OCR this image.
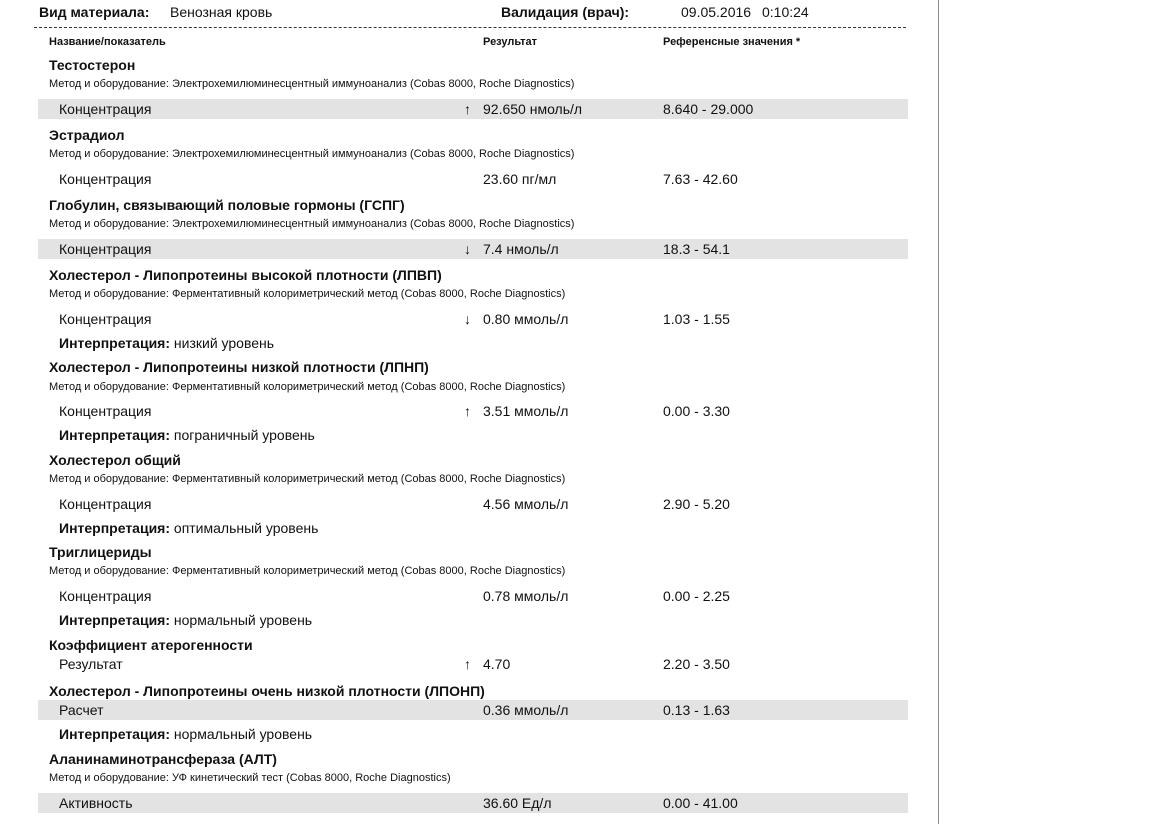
Вид материала: Венозная кровь	Валидация (врач):	09.05.2016 0:10:24
Название/показатель	Результат	Референсные значения *
Тестостерон
Метод и оборудование: Электрохемилюминесцентный иммуноанализ (Cobas 8000, Roche Diagnostics)
Концентрация	↑ 92.650 нмоль/л	8.640 - 29.000
Эстрадиол
Метод и оборудование: Электрохемилюминесцентный иммуноанализ (Cobas 8000, Roche Diagnostics)
Концентрация	23.60 пг/мл	7.63 - 42.60
Глобулин, связывающий половые гормоны (ГСПГ)
Метод и оборудование: Электрохемилюминесцентный иммуноанализ (Cobas 8000, Roche Diagnostics)
Концентрация	↓ 7.4 нмоль/л	18.3 - 54.1
Холестерол - Липопротеины высокой плотности (ЛПВП)
Метод и оборудование: Ферментативный колориметрический метод (Cobas 8000, Roche Diagnostics)
Концентрация	↓ 0.80 ммоль/л	1.03 - 1.55
Интерпретация: низкий уровень
Холестерол - Липопротеины низкой плотности (ЛПНП)
Метод и оборудование: Ферментативный колориметрический метод (Cobas 8000, Roche Diagnostics)
Концентрация	↑ 3.51 ммоль/л	0.00 - 3.30
Интерпретация: пограничный уровень
Холестерол общий
Метод и оборудование: Ферментативный колориметрический метод (Cobas 8000, Roche Diagnostics)
Концентрация	4.56 ммоль/л	2.90 - 5.20
Интерпретация: оптимальный уровень
Триглицериды
Метод и оборудование: Ферментативный колориметрический метод (Cobas 8000, Roche Diagnostics)
Концентрация	0.78 ммоль/л	0.00 - 2.25
Интерпретация: нормальный уровень
Коэффициент атерогенности
Результат	↑ 4.70	2.20 - 3.50
Холестерол - Липопротеины очень низкой плотности (ЛПОНП)
Расчет	0.36 ммоль/л	0.13 - 1.63
Интерпретация: нормальный уровень
Аланинаминотрансфераза (АЛТ)
Метод и оборудование: УФ кинетический тест (Cobas 8000, Roche Diagnostics)
Активность	36.60 Ед/л	0.00 - 41.00
